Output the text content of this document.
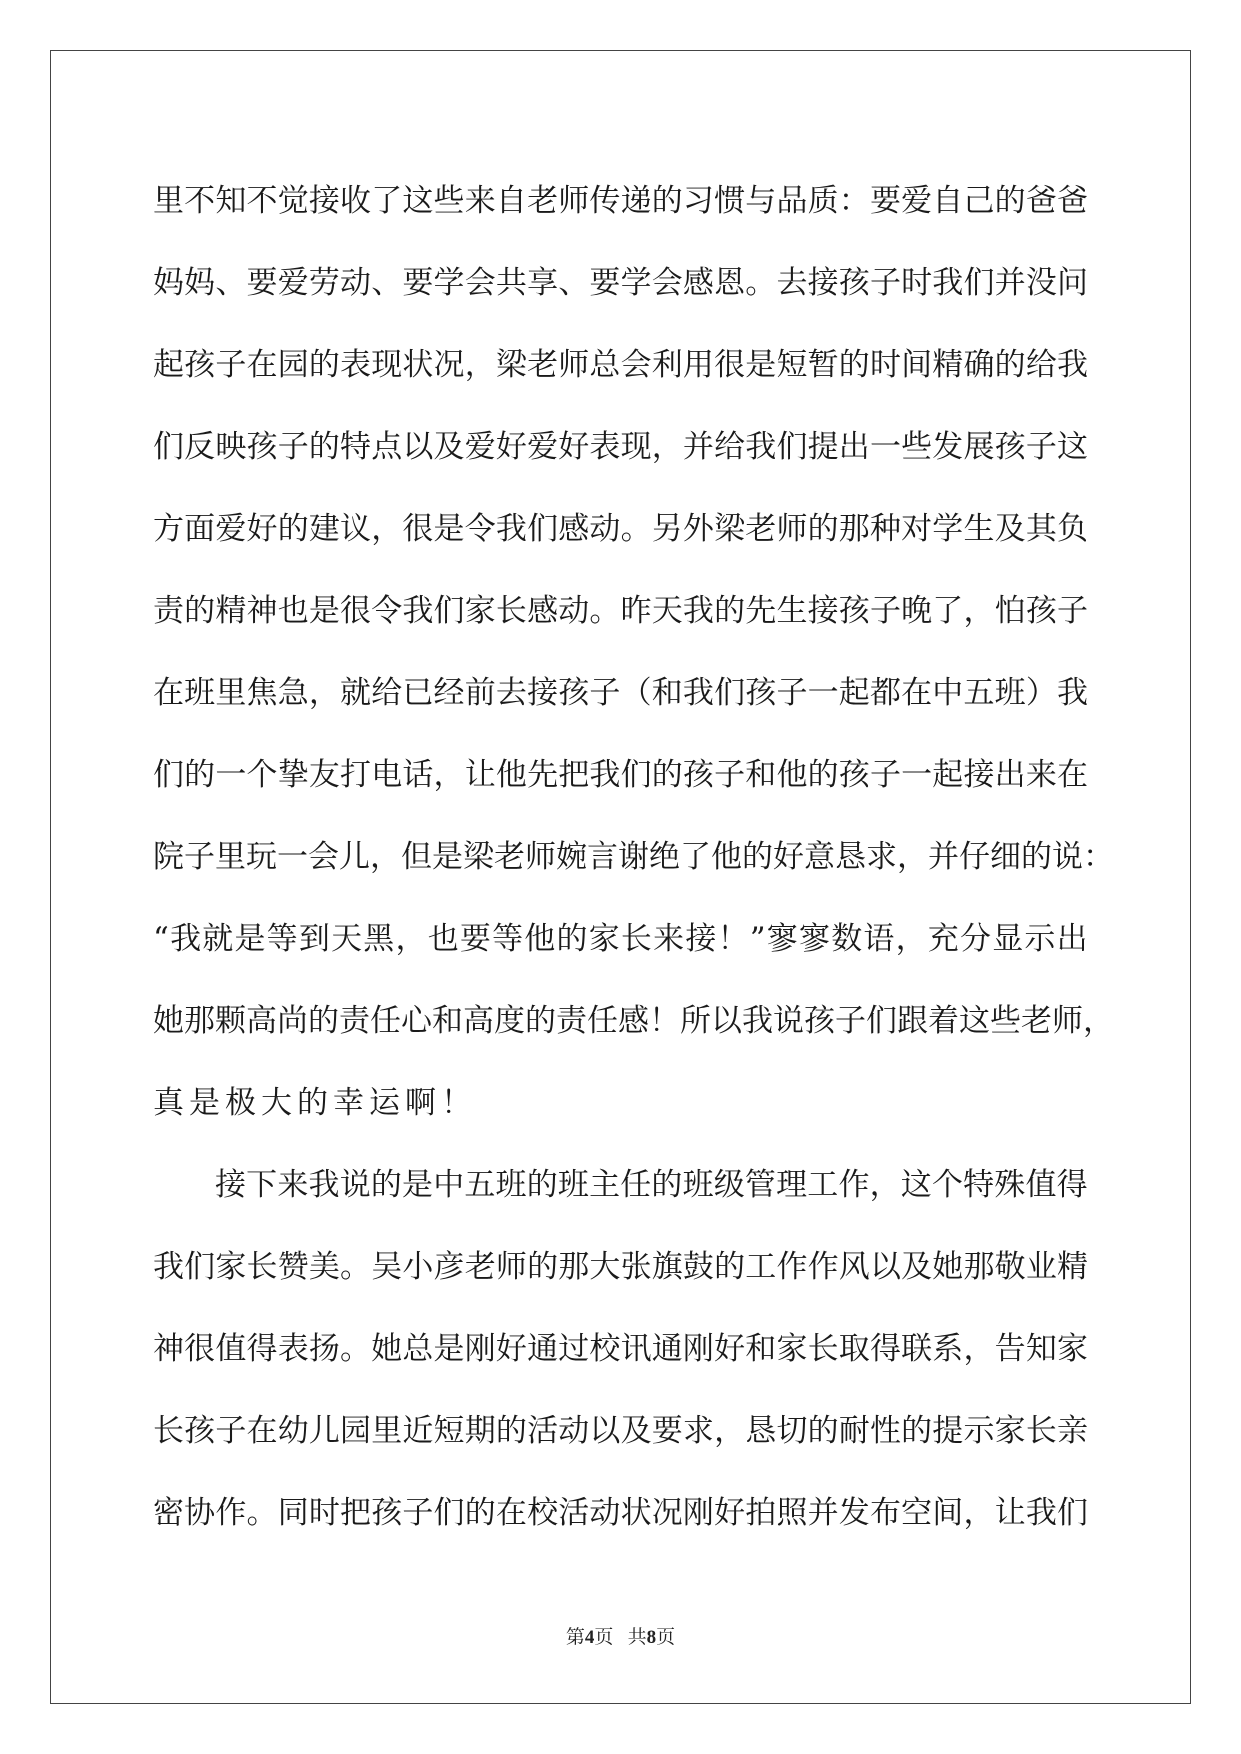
里 不 知 不 觉 接 收 了 这 些 来 自 老 师 传 递 的 习 惯 与 品 质 ： 要 爱 自 己 的 爸 爸
妈 妈 、 要 爱 劳 动 、 要 学 会 共 享 、 要 学 会 感 恩 。 去 接 孩 子 时 我 们 并 没 问
起 孩 子 在 园 的 表 现 状 况 ， 梁 老 师 总 会 利 用 很 是 短 暂 的 时 间 精 确 的 给 我
们 反 映 孩 子 的 特 点 以 及 爱 好 爱 好 表 现 ， 并 给 我 们 提 出 一 些 发 展 孩 子 这
方 面 爱 好 的 建 议 ， 很 是 令 我 们 感 动 。 另 外 梁 老 师 的 那 种 对 学 生 及 其 负
责 的 精 神 也 是 很 令 我 们 家 长 感 动 。 昨 天 我 的 先 生 接 孩 子 晚 了 ， 怕 孩 子
在 班 里 焦 急 ， 就 给 已 经 前 去 接 孩 子 （ 和 我 们 孩 子 一 起 都 在 中 五 班 ） 我
们 的 一 个 挚 友 打 电 话 ， 让 他 先 把 我 们 的 孩 子 和 他 的 孩 子 一 起 接 出 来 在
院 子 里 玩 一 会 儿 ， 但 是 梁 老 师 婉 言 谢 绝 了 他 的 好 意 恳 求 ， 并 仔 细 的 说 ：
“ 我 就 是 等 到 天 黑 ， 也 要 等 他 的 家 长 来 接 ！ ” 寥 寥 数 语 ， 充 分 显 示 出
她 那 颗 高 尚 的 责 任 心 和 高 度 的 责 任 感 ！ 所 以 我 说 孩 子 们 跟 着 这 些 老 师 ，
真是极大的幸运啊！
接 下 来 我 说 的 是 中 五 班 的 班 主 任 的 班 级 管 理 工 作 ， 这 个 特 殊 值 得
我 们 家 长 赞 美 。 吴 小 彦 老 师 的 那 大 张 旗 鼓 的 工 作 作 风 以 及 她 那 敬 业 精
神 很 值 得 表 扬 。 她 总 是 刚 好 通 过 校 讯 通 刚 好 和 家 长 取 得 联 系 ， 告 知 家
长 孩 子 在 幼 儿 园 里 近 短 期 的 活 动 以 及 要 求 ， 恳 切 的 耐 性 的 提 示 家 长 亲
密 协 作 。 同 时 把 孩 子 们 的 在 校 活 动 状 况 刚 好 拍 照 并 发 布 空 间 ， 让 我 们
第4页 共8页
